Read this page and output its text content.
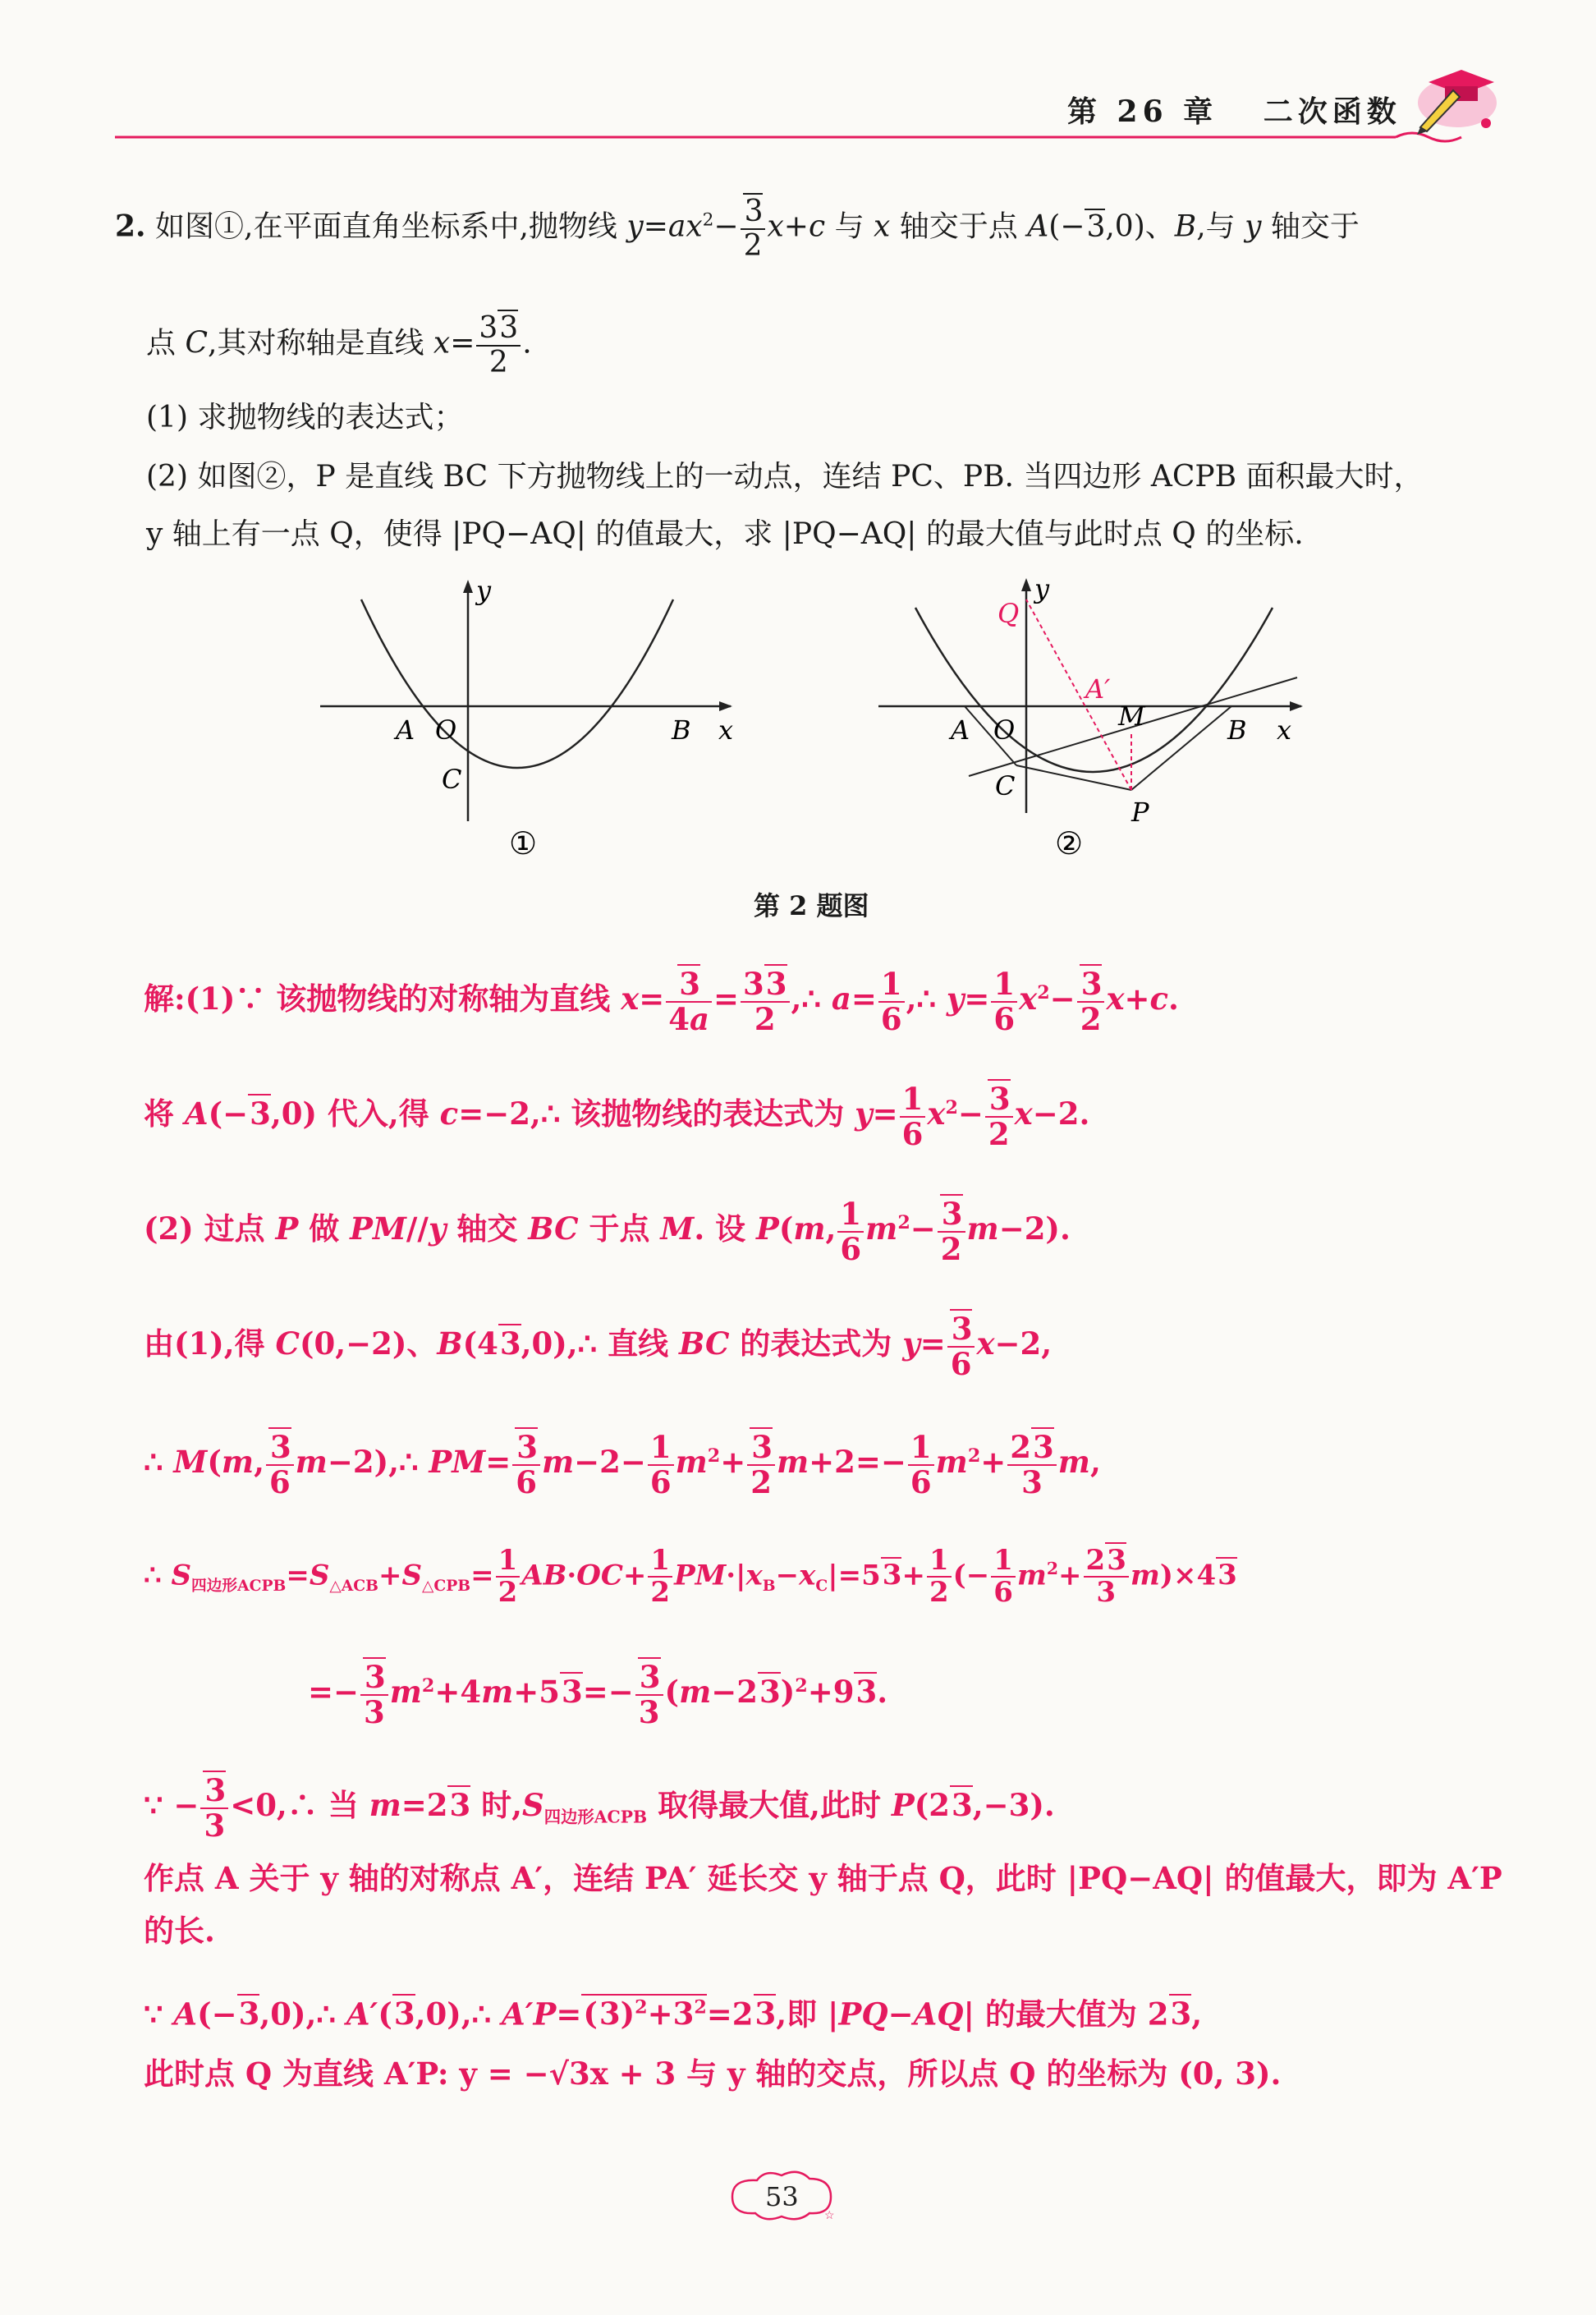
第 26 章   二次函数
2. 如图①,在平面直角坐标系中,抛物线 $y=ax^2- \frac{3}{2} x+c$ 与 x 轴交于点 A(−3,0)、B,与 y 轴交于
点 C,其对称轴是直线 $x= \frac{33}{2}$ .
(1) 求抛物线的表达式；
(2) 如图②，P 是直线 BC 下方抛物线上的一动点，连结 PC、PB. 当四边形 ACPB 面积最大时，
y 轴上有一点 Q，使得 |PQ−AQ| 的值最大，求 |PQ−AQ| 的最大值与此时点 Q 的坐标.
y
x
A O	B
C
①
y
x
Q
A′
M
A O	B
C
P
②
第 2 题图
解:(1)∵ 该抛物线的对称轴为直线 $x= \frac{3}{4a} = \frac{33}{2}$ ,∴ $a= \frac{1}{6}$ ,∴ $y= \frac{1}{6} x^2- \frac{3}{2} x+c$.
将 A(−3,0) 代入,得 c=−2,∴ 该抛物线的表达式为 $y= \frac{1}{6} x^2- \frac{3}{2} x-2$.
(2) 过点 P 做 PM//y 轴交 BC 于点 M. 设 P(m, $\frac{1}{6} m^2- \frac{3}{2} m-2$).
由(1),得 C(0,−2)、B(43,0),∴ 直线 BC 的表达式为 $y= \frac{3}{6} x-2$,
∴ M(m, $\frac{3}{6}$ m−2),∴ $PM= \frac{3}{6} m-2- \frac{1}{6} m^2+ \frac{3}{2} m+2=- \frac{1}{6} m^2+ \frac{23}{3} m$,
∴ $S_{四边形ACPB}=S_{\triangle ACB}+S_{\triangle CPB}= \frac{1}{2} AB\cdot OC+ \frac{1}{2} PM\cdot|x_B-x_C|=53+ \frac{1}{2}$ (− $\frac{1}{6} m^2+ \frac{23}{3} m)\times 43$
=− $\frac{3}{3} m^2+4m+53=- \frac{3}{3} (m-23)^2+93$.
∵ − $\frac{3}{3}$ <0,∴ 当 m=23 时$,S_{四边形ACPB}$ 取得最大值,此时 P(23,−3).
作点 A 关于 y 轴的对称点 A′，连结 PA′ 延长交 y 轴于点 Q，此时 |PQ−AQ| 的值最大，即为 A′P
的长.
∵ A(−3,0),∴ A′(3,0),∴ $A'P=(3)^2+3^2=23$,即 |PQ−AQ| 的最大值为 23,
此时点 Q 为直线 A′P: y = −√3x + 3 与 y 轴的交点，所以点 Q 的坐标为 (0, 3).
53
☆
